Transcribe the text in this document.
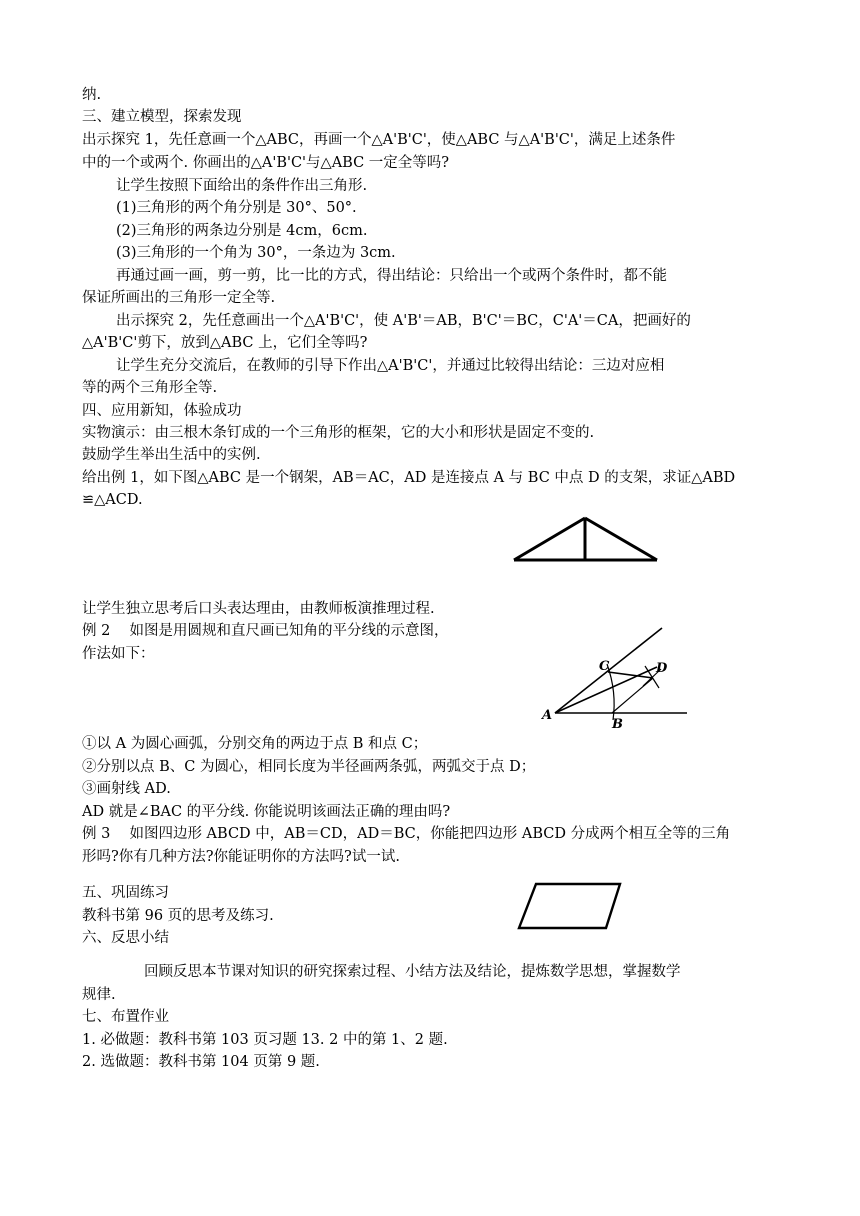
纳.
三、建立模型，探索发现
出示探究 1，先任意画一个△ABC，再画一个△A'B'C'，使△ABC 与△A'B'C'，满足上述条件
中的一个或两个. 你画出的△A'B'C'与△ABC 一定全等吗?
让学生按照下面给出的条件作出三角形.
(1)三角形的两个角分别是 30°、50°.
(2)三角形的两条边分别是 4cm，6cm.
(3)三角形的一个角为 30°，一条边为 3cm.
再通过画一画，剪一剪，比一比的方式，得出结论：只给出一个或两个条件时，都不能
保证所画出的三角形一定全等.
出示探究 2，先任意画出一个△A'B'C'，使 A'B'＝AB，B'C'＝BC，C'A'＝CA，把画好的
△A'B'C'剪下，放到△ABC 上，它们全等吗?
让学生充分交流后，在教师的引导下作出△A'B'C'，并通过比较得出结论：三边对应相
等的两个三角形全等.
四、应用新知，体验成功
实物演示：由三根木条钉成的一个三角形的框架，它的大小和形状是固定不变的.
鼓励学生举出生活中的实例.
给出例 1，如下图△ABC 是一个钢架，AB＝AC，AD 是连接点 A 与 BC 中点 D 的支架，求证△ABD
≌△ACD.
让学生独立思考后口头表达理由，由教师板演推理过程.
例 2　 如图是用圆规和直尺画已知角的平分线的示意图，
作法如下：
A
B
C	D
①以 A 为圆心画弧，分别交角的两边于点 B 和点 C；
②分别以点 B、C 为圆心，相同长度为半径画两条弧，两弧交于点 D；
③画射线 AD.
AD 就是∠BAC 的平分线. 你能说明该画法正确的理由吗?
例 3　 如图四边形 ABCD 中，AB＝CD，AD＝BC，你能把四边形 ABCD 分成两个相互全等的三角
形吗?你有几种方法?你能证明你的方法吗?试一试.
五、巩固练习
教科书第 96 页的思考及练习.
六、反思小结
回顾反思本节课对知识的研究探索过程、小结方法及结论，提炼数学思想，掌握数学
规律.
七、布置作业
1. 必做题：教科书第 103 页习题 13. 2 中的第 1、2 题.
2. 选做题：教科书第 104 页第 9 题.
